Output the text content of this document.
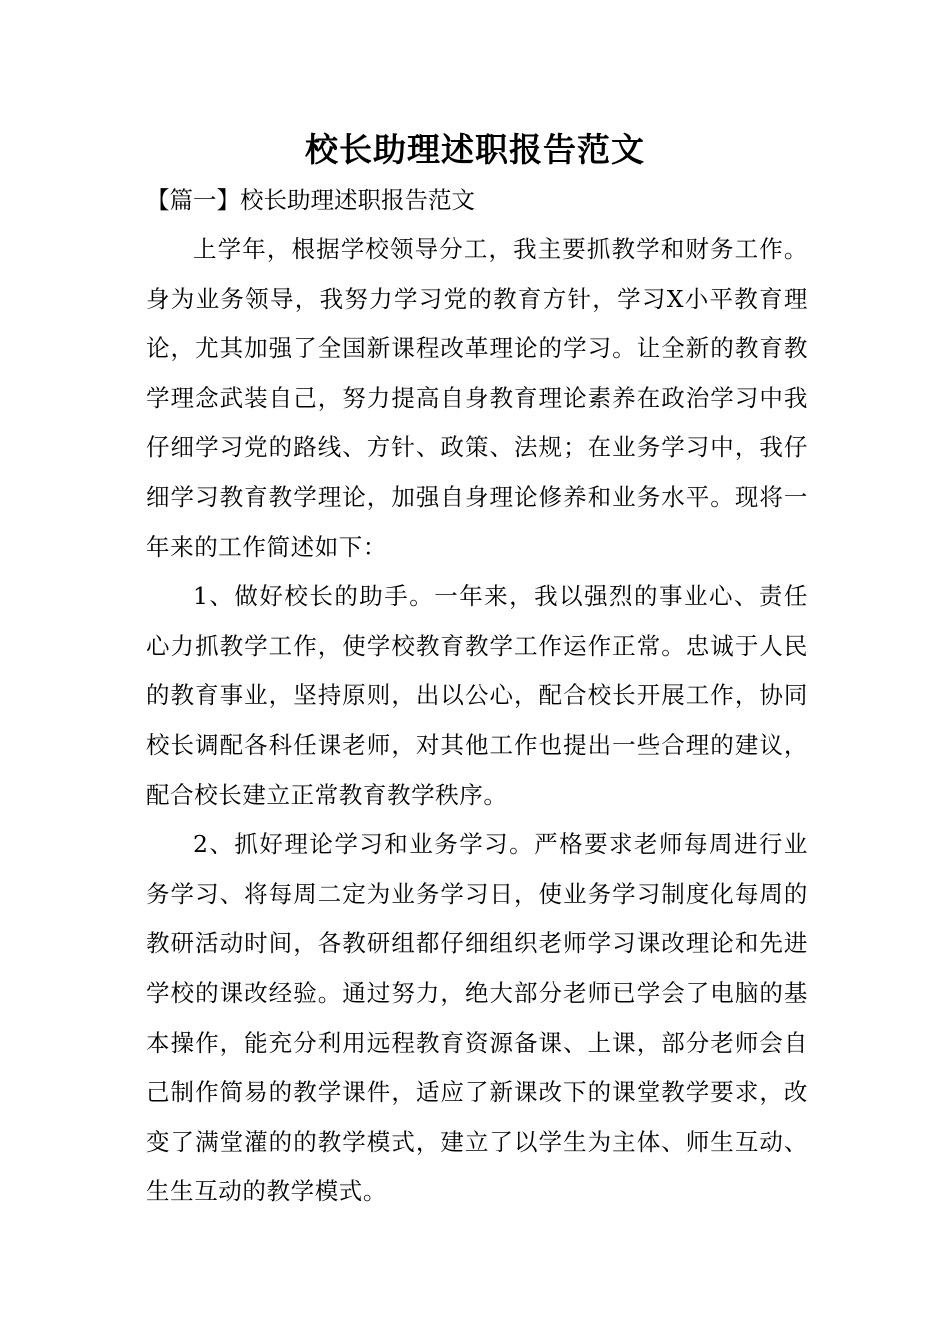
校长助理述职报告范文
【篇一】校长助理述职报告范文

上学年，根据学校领导分工，我主要抓教学和财务工作。身为业务领导，我努力学习党的教育方针，学习X小平教育理论，尤其加强了全国新课程改革理论的学习。让全新的教育教学理念武装自己，努力提高自身教育理论素养在政治学习中我仔细学习党的路线、方针、政策、法规；在业务学习中，我仔细学习教育教学理论，加强自身理论修养和业务水平。现将一年来的工作简述如下：

1、做好校长的助手。一年来，我以强烈的事业心、责任心力抓教学工作，使学校教育教学工作运作正常。忠诚于人民的教育事业，坚持原则，出以公心，配合校长开展工作，协同校长调配各科任课老师，对其他工作也提出一些合理的建议，配合校长建立正常教育教学秩序。

2、抓好理论学习和业务学习。严格要求老师每周进行业务学习、将每周二定为业务学习日，使业务学习制度化每周的教研活动时间，各教研组都仔细组织老师学习课改理论和先进学校的课改经验。通过努力，绝大部分老师已学会了电脑的基本操作，能充分利用远程教育资源备课、上课，部分老师会自己制作简易的教学课件，适应了新课改下的课堂教学要求，改变了满堂灌的的教学模式，建立了以学生为主体、师生互动、生生互动的教学模式。
